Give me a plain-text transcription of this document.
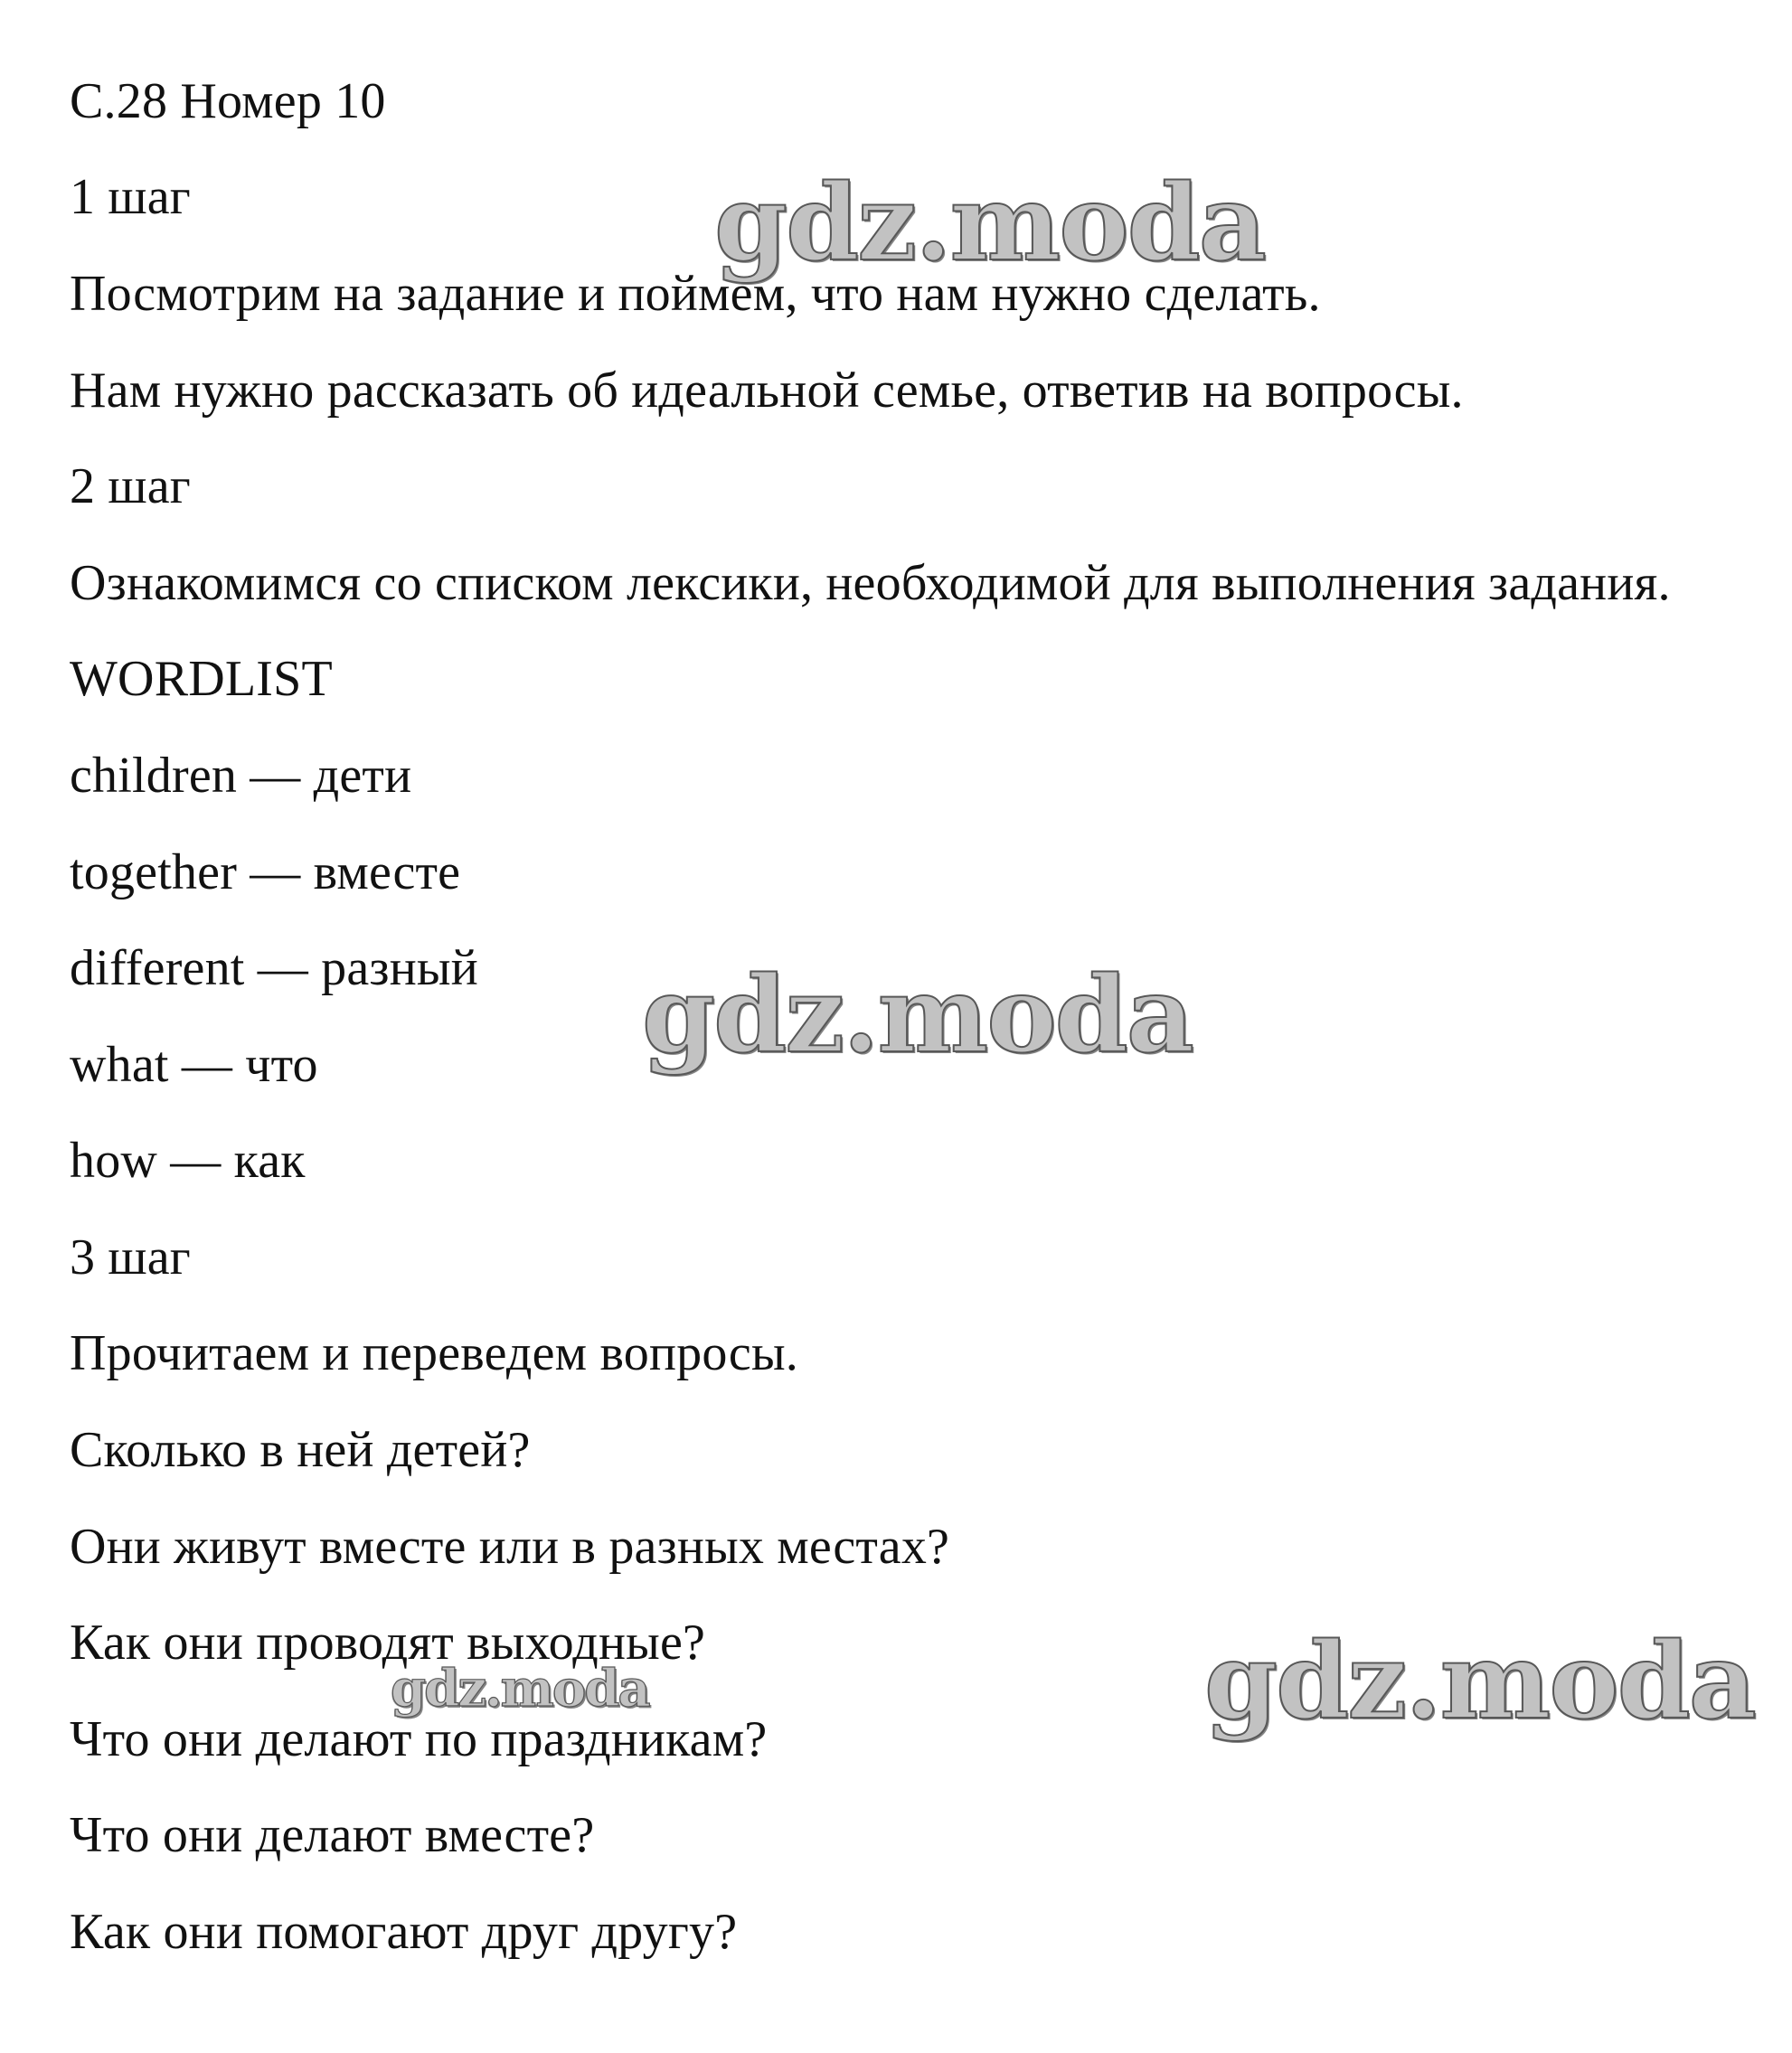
С.28 Номер 10
1 шаг
Посмотрим на задание и поймем, что нам нужно сделать.
Нам нужно рассказать об идеальной семье, ответив на вопросы.
2 шаг
Ознакомимся со списком лексики, необходимой для выполнения задания.
WORDLIST
children — дети
together — вместе
different — разный
what — что
how — как
3 шаг
Прочитаем и переведем вопросы.
Сколько в ней детей?
Они живут вместе или в разных местах?
Как они проводят выходные?
Что они делают по праздникам?
Что они делают вместе?
Как они помогают друг другу?
gdz.moda
gdz.moda
gdz.moda
gdz.moda
